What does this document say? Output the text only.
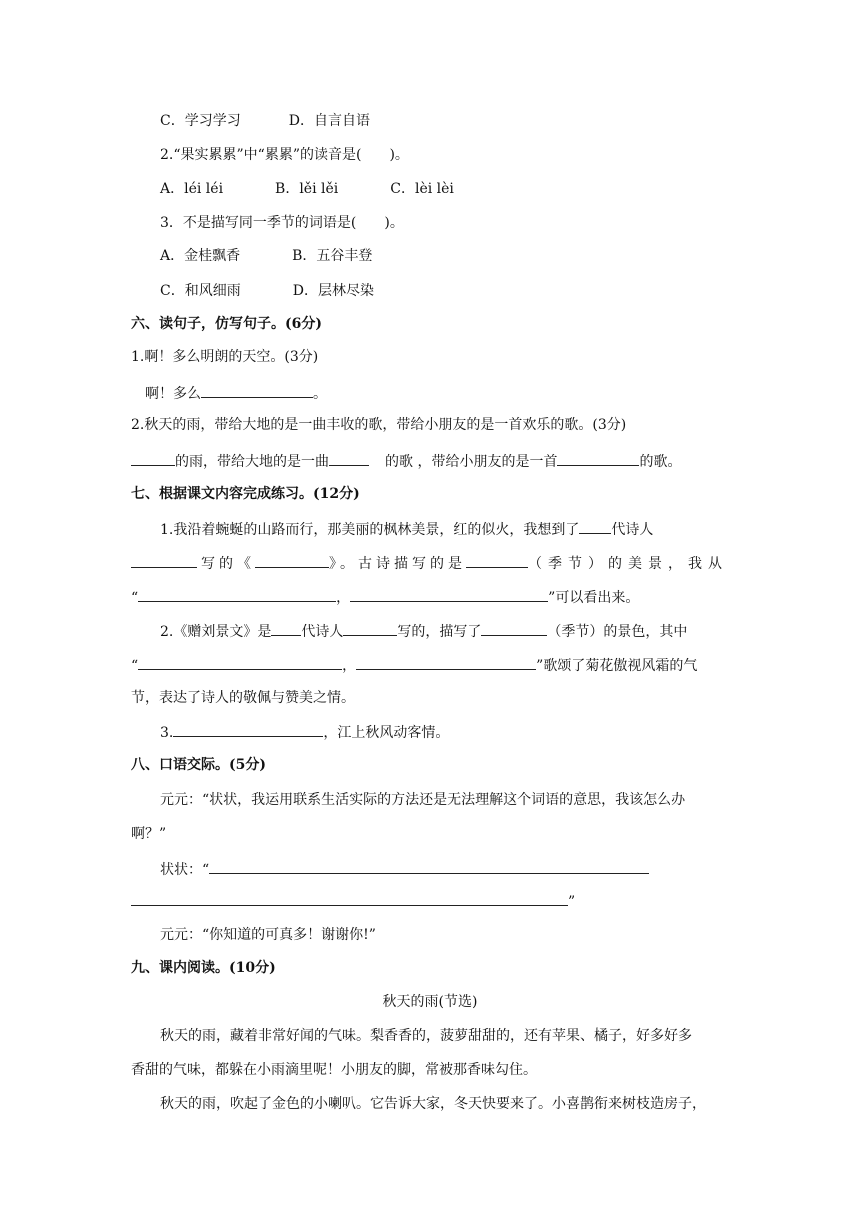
C．学习学习	D．自言自语
2.“果实累累”中“累累”的读音是(　　)。
A．léi léi	B．lěi lěi	C．lèi lèi
3．不是描写同一季节的词语是(　　)。
A．金桂飘香	B．五谷丰登
C．和风细雨	D．层林尽染
六、读句子，仿写句子。(6分)
1.啊！多么明朗的天空。(3分)
啊！多么	。
2.秋天的雨，带给大地的是一曲丰收的歌，带给小朋友的是一首欢乐的歌。(3分)
的雨，带给大地的是一曲	的歌 ，带给小朋友的是一首	的歌。
七、根据课文内容完成练习。(12分)
1.我沿着蜿蜒的山路而行，那美丽的枫林美景，红的似火，我想到了 代诗人
写的《	》。古诗描写的是	（季节）的美景，我从
“	，	”可以看出来。
2.《赠刘景文》是 代诗人	写的，描写了	（季节）的景色，其中
“	，	”歌颂了菊花傲视风霜的气
节，表达了诗人的敬佩与赞美之情。
3.	，江上秋风动客情。
八、口语交际。(5分)
元元：“状状，我运用联系生活实际的方法还是无法理解这个词语的意思，我该怎么办
啊？”
状状：“
”
元元：“你知道的可真多！谢谢你!”
九、课内阅读。(10分)
秋天的雨(节选)
秋天的雨，藏着非常好闻的气味。梨香香的，菠萝甜甜的，还有苹果、橘子，好多好多
香甜的气味，都躲在小雨滴里呢！小朋友的脚，常被那香味勾住。
秋天的雨，吹起了金色的小喇叭。它告诉大家，冬天快要来了。小喜鹊衔来树枝造房子，
